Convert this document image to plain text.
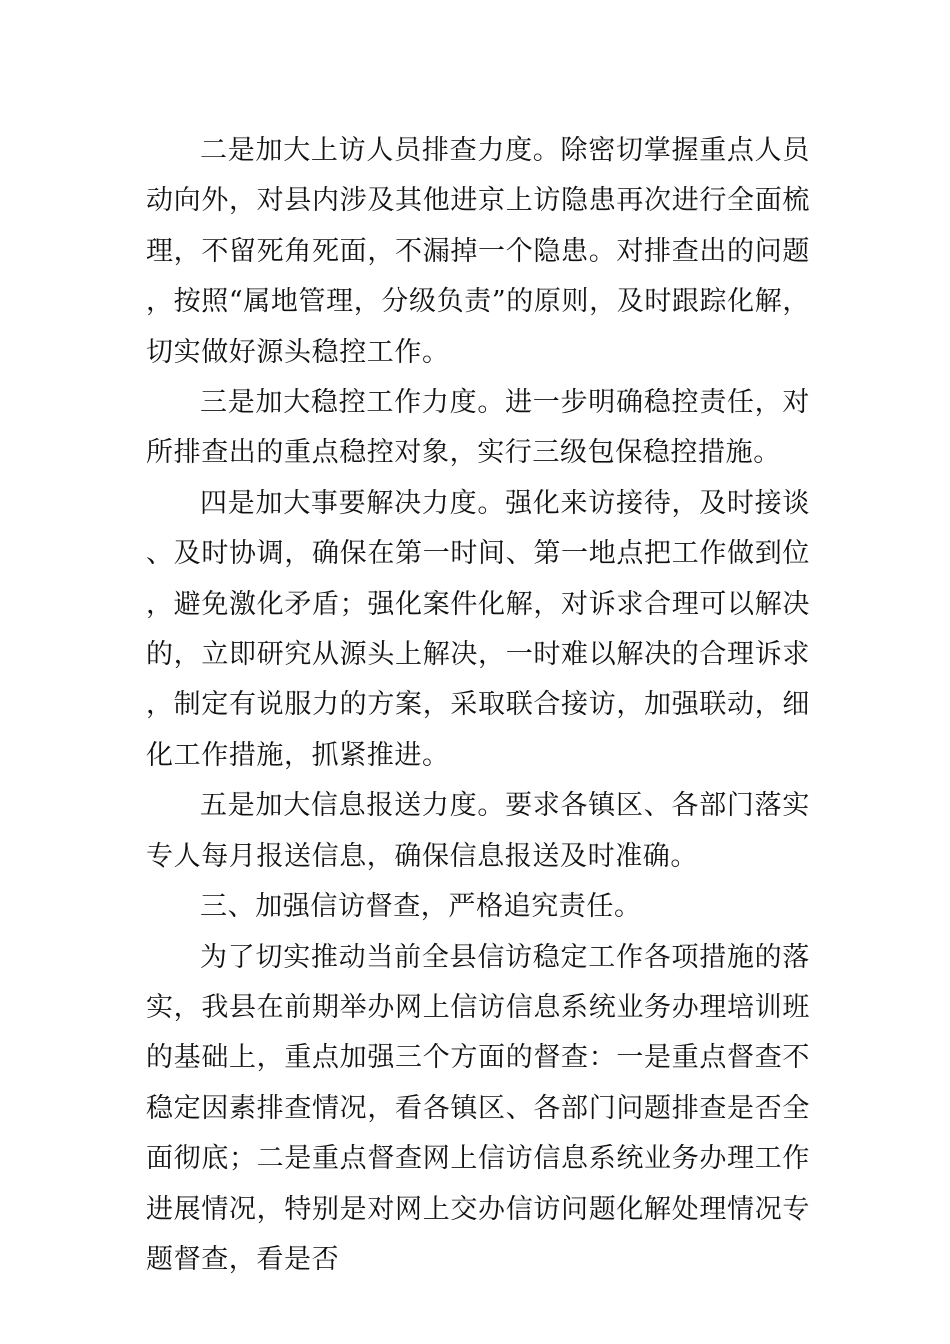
二是加大上访人员排查力度。除密切掌握重点人员动向外，对县内涉及其他进京上访隐患再次进行全面梳理，不留死角死面，不漏掉一个隐患。对排查出的问题，按照“属地管理，分级负责”的原则，及时跟踪化解，切实做好源头稳控工作。

三是加大稳控工作力度。进一步明确稳控责任，对所排查出的重点稳控对象，实行三级包保稳控措施。

四是加大事要解决力度。强化来访接待，及时接谈、及时协调，确保在第一时间、第一地点把工作做到位，避免激化矛盾；强化案件化解，对诉求合理可以解决的，立即研究从源头上解决，一时难以解决的合理诉求，制定有说服力的方案，采取联合接访，加强联动，细化工作措施，抓紧推进。

五是加大信息报送力度。要求各镇区、各部门落实专人每月报送信息，确保信息报送及时准确。

三、加强信访督查，严格追究责任。

为了切实推动当前全县信访稳定工作各项措施的落实，我县在前期举办网上信访信息系统业务办理培训班的基础上，重点加强三个方面的督查：一是重点督查不稳定因素排查情况，看各镇区、各部门问题排查是否全面彻底；二是重点督查网上信访信息系统业务办理工作进展情况，特别是对网上交办信访问题化解处理情况专题督查，看是否
